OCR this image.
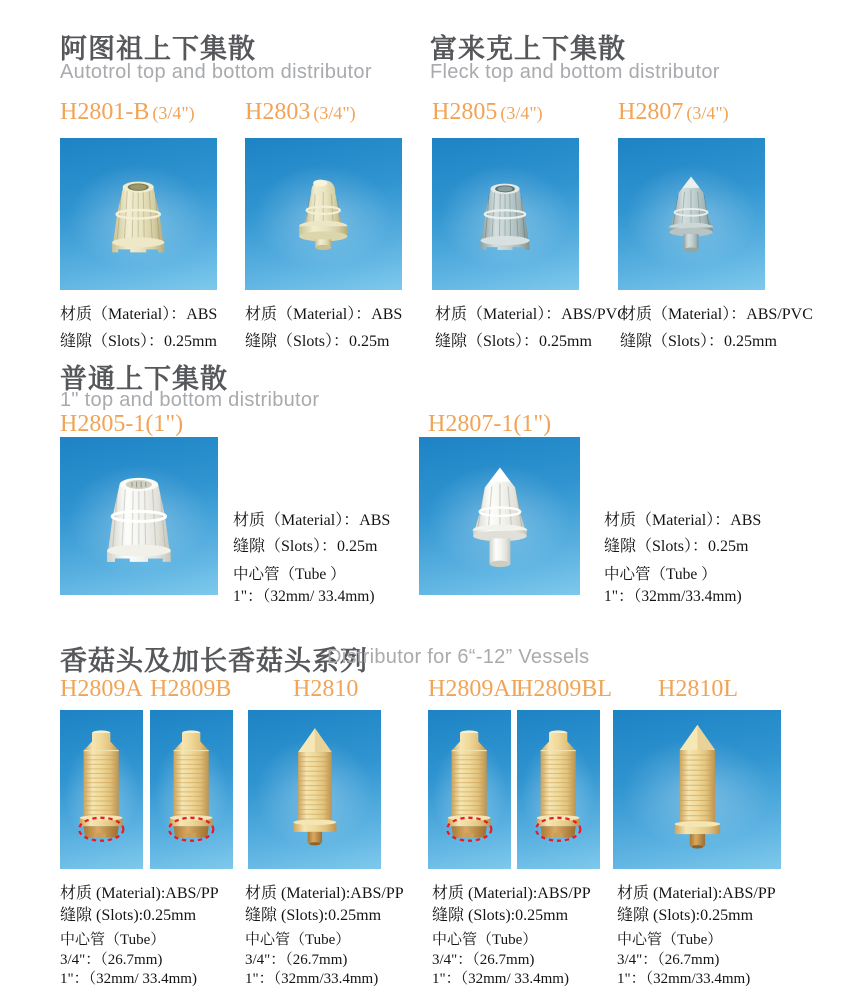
阿图祖上下集散
Autotrol top and bottom distributor
富来克上下集散
Fleck top and bottom distributor
H2801-B (3/4") H2803 (3/4")	H2805 (3/4")	H2807 (3/4")
材质（Material）：ABS
缝隙（Slots）：0.25mm
材质（Material）：ABS
缝隙（Slots）：0.25m
材质（Material）：ABS/PVC
缝隙（Slots）：0.25mm
材质（Material）：ABS/PVC
缝隙（Slots）：0.25mm
普通上下集散
1" top and bottom distributor
H2805-1(1")	H2807-1(1")
材质（Material）：ABS
缝隙（Slots）：0.25m
中心管（Tube ）
1"：（32mm/ 33.4mm)
材质（Material）：ABS
缝隙（Slots）：0.25m
中心管（Tube ）
1"：（32mm/33.4mm)
香菇头及加长香菇头系列
Distributor for 6“-12” Vessels
H2809A H2809B	H2810	H2809AL
H2809BL H2810L
材质 (Material):ABS/PP
缝隙 (Slots):0.25mm
中心管（Tube）
3/4"：（26.7mm)
1"：（32mm/ 33.4mm)
材质 (Material):ABS/PP
缝隙 (Slots):0.25mm
中心管（Tube）
3/4"：（26.7mm)
1"：（32mm/33.4mm)
材质 (Material):ABS/PP
缝隙 (Slots):0.25mm
中心管（Tube）
3/4"：（26.7mm)
1"：（32mm/ 33.4mm)
材质 (Material):ABS/PP
缝隙 (Slots):0.25mm
中心管（Tube）
3/4"：（26.7mm)
1"：（32mm/33.4mm)
